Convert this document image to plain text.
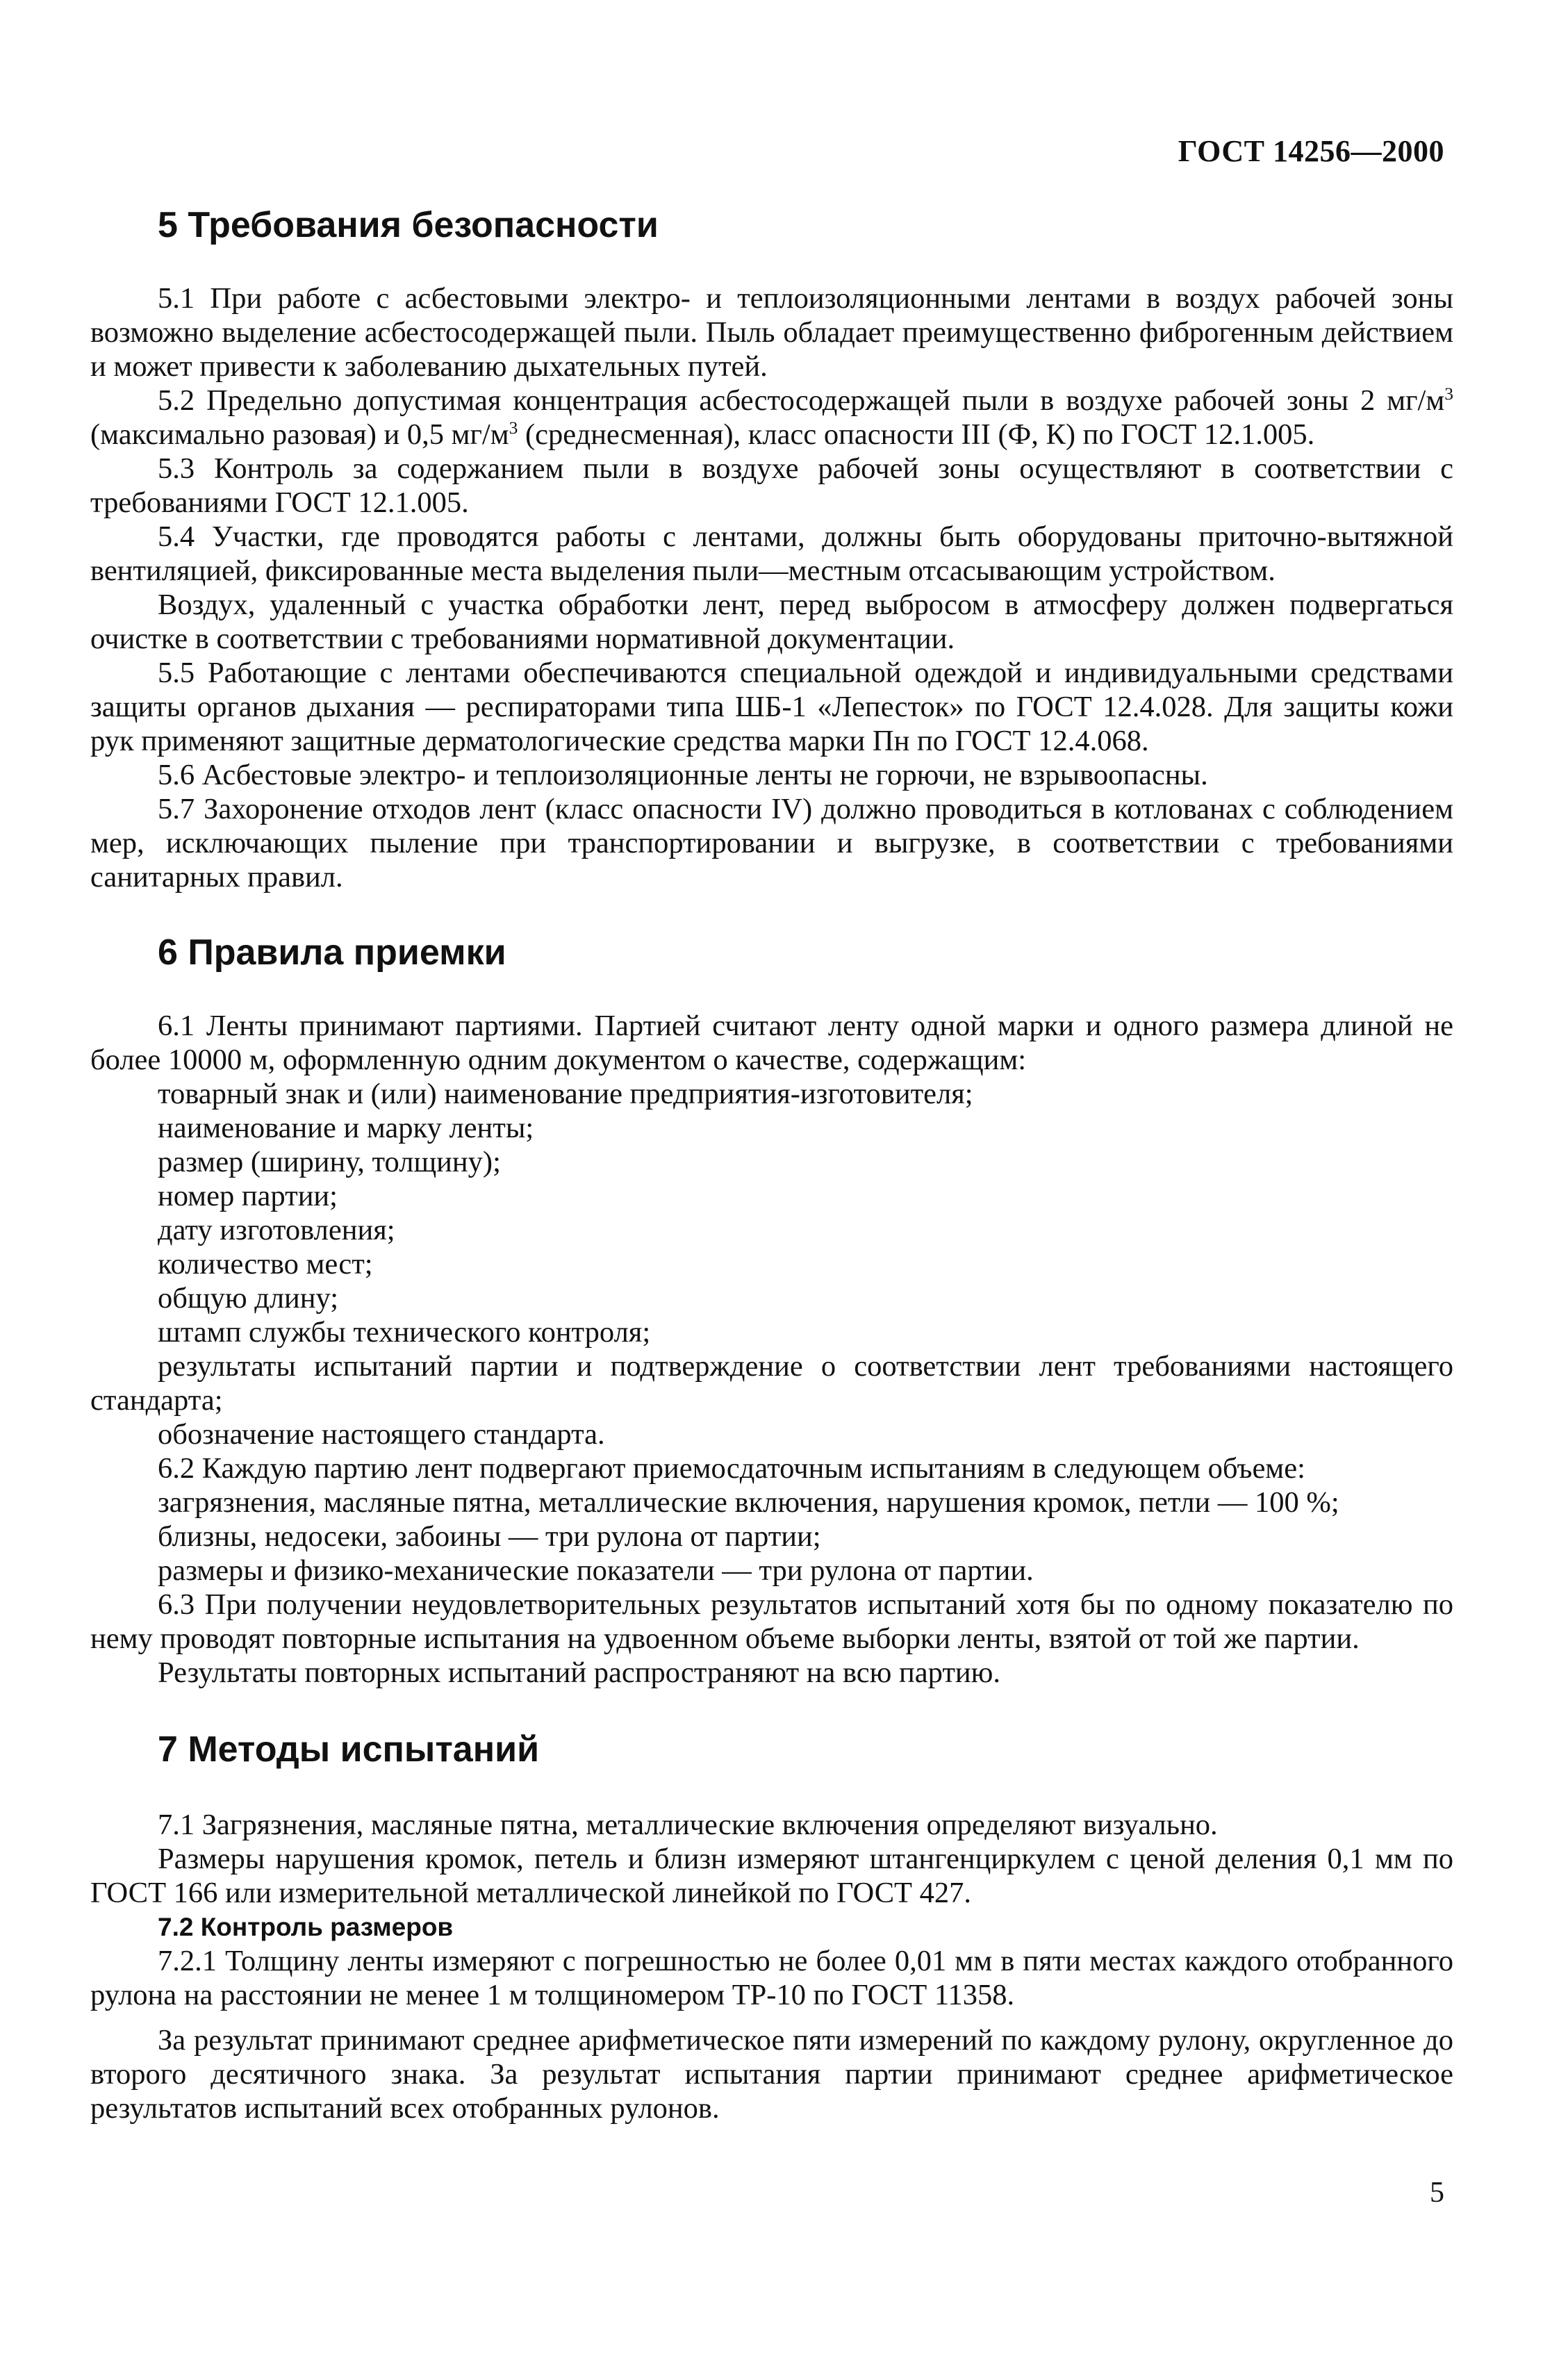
ГОСТ 14256—2000
5 Требования безопасности

5.1 При работе с асбестовыми электро- и теплоизоляционными лентами в воздух рабочей зоны возможно выделение асбестосодержащей пыли. Пыль обладает преимущественно фиброгенным действием и может привести к заболеванию дыхательных путей.

5.2 Предельно допустимая концентрация асбестосодержащей пыли в воздухе рабочей зоны 2 $мг/м^3$ (максимально разовая) и 0,5 $мг/м^3$ (среднесменная), класс опасности III (Ф, К) по ГОСТ 12.1.005.

5.3 Контроль за содержанием пыли в воздухе рабочей зоны осуществляют в соответствии с требованиями ГОСТ 12.1.005.

5.4 Участки, где проводятся работы с лентами, должны быть оборудованы приточно-вытяжной вентиляцией, фиксированные места выделения пыли—местным отсасывающим устройством.

Воздух, удаленный с участка обработки лент, перед выбросом в атмосферу должен подвергаться очистке в соответствии с требованиями нормативной документации.

5.5 Работающие с лентами обеспечиваются специальной одеждой и индивидуальными средствами защиты органов дыхания — респираторами типа ШБ-1 «Лепесток» по ГОСТ 12.4.028. Для защиты кожи рук применяют защитные дерматологические средства марки Пн по ГОСТ 12.4.068.

5.6 Асбестовые электро- и теплоизоляционные ленты не горючи, не взрывоопасны.

5.7 Захоронение отходов лент (класс опасности IV) должно проводиться в котлованах с соблюдением мер, исключающих пыление при транспортировании и выгрузке, в соответствии с требованиями санитарных правил.

6 Правила приемки

6.1 Ленты принимают партиями. Партией считают ленту одной марки и одного размера длиной не более 10000 м, оформленную одним документом о качестве, содержащим:

товарный знак и (или) наименование предприятия-изготовителя;
наименование и марку ленты;
размер (ширину, толщину);
номер партии;
дату изготовления;
количество мест;
общую длину;
штамп службы технического контроля;
результаты испытаний партии и подтверждение о соответствии лент требованиями настоящего стандарта;
обозначение настоящего стандарта.

6.2 Каждую партию лент подвергают приемосдаточным испытаниям в следующем объеме:

загрязнения, масляные пятна, металлические включения, нарушения кромок, петли — 100 %;
близны, недосеки, забоины — три рулона от партии;
размеры и физико-механические показатели — три рулона от партии.

6.3 При получении неудовлетворительных результатов испытаний хотя бы по одному показателю по нему проводят повторные испытания на удвоенном объеме выборки ленты, взятой от той же партии.

Результаты повторных испытаний распространяют на всю партию.

7 Методы испытаний

7.1 Загрязнения, масляные пятна, металлические включения определяют визуально.

Размеры нарушения кромок, петель и близн измеряют штангенциркулем с ценой деления 0,1 мм по ГОСТ 166 или измерительной металлической линейкой по ГОСТ 427.

7.2 Контроль размеров

7.2.1 Толщину ленты измеряют с погрешностью не более 0,01 мм в пяти местах каждого отобранного рулона на расстоянии не менее 1 м толщиномером ТР-10 по ГОСТ 11358.

За результат принимают среднее арифметическое пяти измерений по каждому рулону, округленное до второго десятичного знака. За результат испытания партии принимают среднее арифметическое результатов испытаний всех отобранных рулонов.

5
